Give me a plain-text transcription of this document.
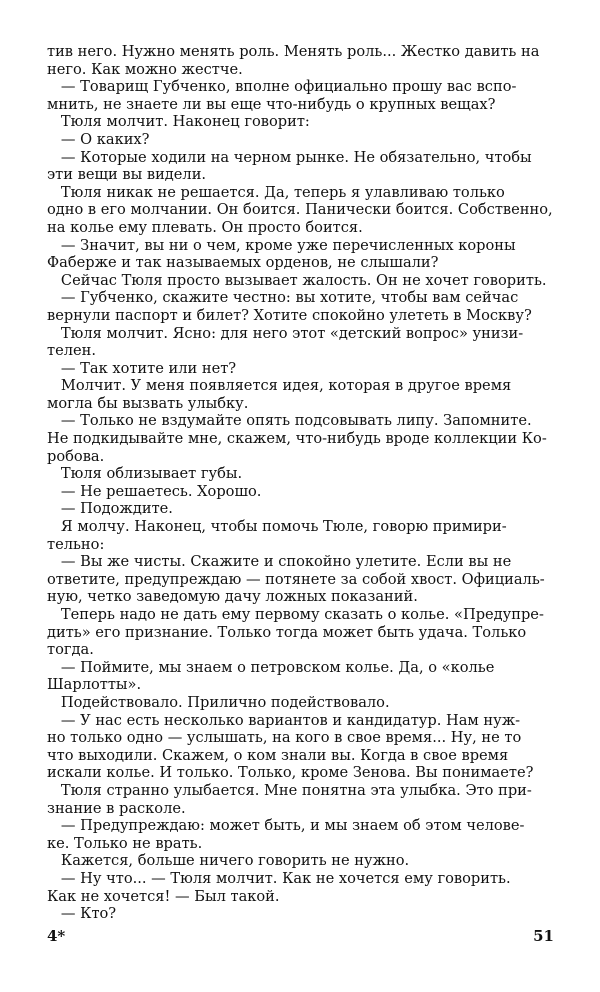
тив него. Нужно менять роль. Менять роль... Жестко давить на
него. Как можно жестче.
— Товарищ Губченко, вполне официально прошу вас вспо-
мнить, не знаете ли вы еще что-нибудь о крупных вещах?
Тюля молчит. Наконец говорит:
— О каких?
— Которые ходили на черном рынке. Не обязательно, чтобы
эти вещи вы видели.
Тюля никак не решается. Да, теперь я улавливаю только
одно в его молчании. Он боится. Панически боится. Собственно,
на колье ему плевать. Он просто боится.
— Значит, вы ни о чем, кроме уже перечисленных короны
Фаберже и так называемых орденов, не слышали?
Сейчас Тюля просто вызывает жалость. Он не хочет говорить.
— Губченко, скажите честно: вы хотите, чтобы вам сейчас
вернули паспорт и билет? Хотите спокойно улететь в Москву?
Тюля молчит. Ясно: для него этот «детский вопрос» унизи-
телен.
— Так хотите или нет?
Молчит. У меня появляется идея, которая в другое время
могла бы вызвать улыбку.
— Только не вздумайте опять подсовывать липу. Запомните.
Не подкидывайте мне, скажем, что-нибудь вроде коллекции Ко-
робова.
Тюля облизывает губы.
— Не решаетесь. Хорошо.
— Подождите.
Я молчу. Наконец, чтобы помочь Тюле, говорю примири-
тельно:
— Вы же чисты. Скажите и спокойно улетите. Если вы не
ответите, предупреждаю — потянете за собой хвост. Официаль-
ную, четко заведомую дачу ложных показаний.
Теперь надо не дать ему первому сказать о колье. «Предупре-
дить» его признание. Только тогда может быть удача. Только
тогда.
— Поймите, мы знаем о петровском колье. Да, о «колье
Шарлотты».
Подействовало. Прилично подействовало.
— У нас есть несколько вариантов и кандидатур. Нам нуж-
но только одно — услышать, на кого в свое время... Ну, не то
что выходили. Скажем, о ком знали вы. Когда в свое время
искали колье. И только. Только, кроме Зенова. Вы понимаете?
Тюля странно улыбается. Мне понятна эта улыбка. Это при-
знание в расколе.
— Предупреждаю: может быть, и мы знаем об этом челове-
ке. Только не врать.
Кажется, больше ничего говорить не нужно.
— Ну что... — Тюля молчит. Как не хочется ему говорить.
Как не хочется! — Был такой.
— Кто?
4*	51
